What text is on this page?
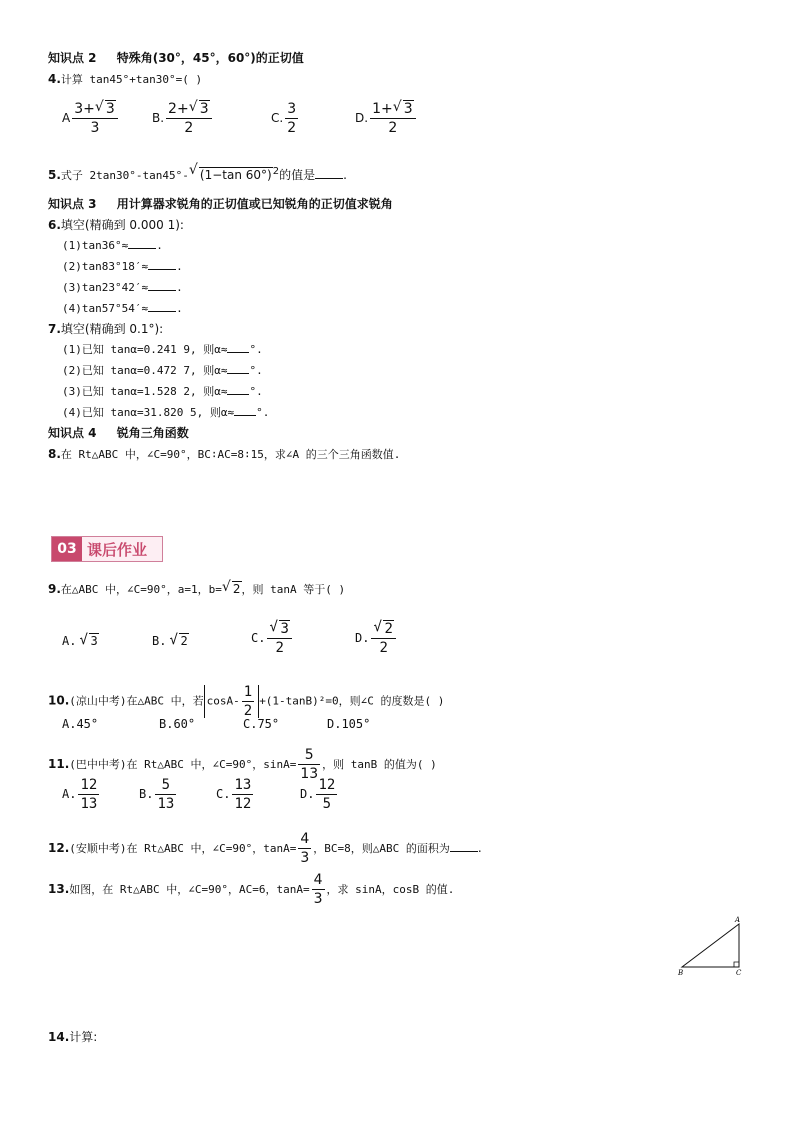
知识点 2 特殊角(30°，45°，60°)的正切值
4.计算 tan45°+tan30°=( )
A $\frac{3+ √ 3}{3}$	B. $\frac{2+ √ 3}{2}$	C. $\frac{3}{2}$	D. $\frac{1+ √ 3}{2}$
5.式子 2tan30°-tan45°- √ (1−tan 60°)$^2$的值是 .
知识点 3 用计算器求锐角的正切值或已知锐角的正切值求锐角
6.填空(精确到 0.000 1):
(1)tan36°≈	.
(2)tan83°18′≈	.
(3)tan23°42′≈	.
(4)tan57°54′≈	.
7.填空(精确到 0.1°):
(1)已知 tanα=0.241 9, 则α≈ °.
(2)已知 tanα=0.472 7, 则α≈ °.
(3)已知 tanα=1.528 2, 则α≈ °.
(4)已知 tanα=31.820 5, 则α≈ °.
知识点 4 锐角三角函数
8.在 Rt△ABC 中，∠C=90°，BC∶AC=8∶15，求∠A 的三个三角函数值.
03 课后作业
9.在△ABC 中，∠C=90°，a=1，b= √ 2，则 tanA 等于( )
A. √ 3	B. √ 2	C. √ $\frac{3}{2}$	D. √ $\frac{2}{2}$
10.(凉山中考)在△ABC 中，若 $\cos A- \frac{1}{2} +(1-\tan B)^2=0$，则∠C 的度数是( )
A.45°	B.60°	C.75°	D.105°
11.(巴中中考)在 Rt△ABC 中，∠C=90°，$\sin A= \frac{5}{13}$ ，则 tanB 的值为( )
A. $\frac{12}{13}$	B. $\frac{5}{13}$	C. $\frac{13}{12}$	D. $\frac{12}{5}$
12.(安顺中考)在 Rt△ABC 中，∠C=90°，$\tan A= \frac{4}{3}$ ，BC=8，则△ABC 的面积为 .
13.如图，在 Rt△ABC 中，∠C=90°，AC=6，$\tan A= \frac{4}{3}$ ，求 sinA，cosB 的值.
A
B	C
14.计算:
